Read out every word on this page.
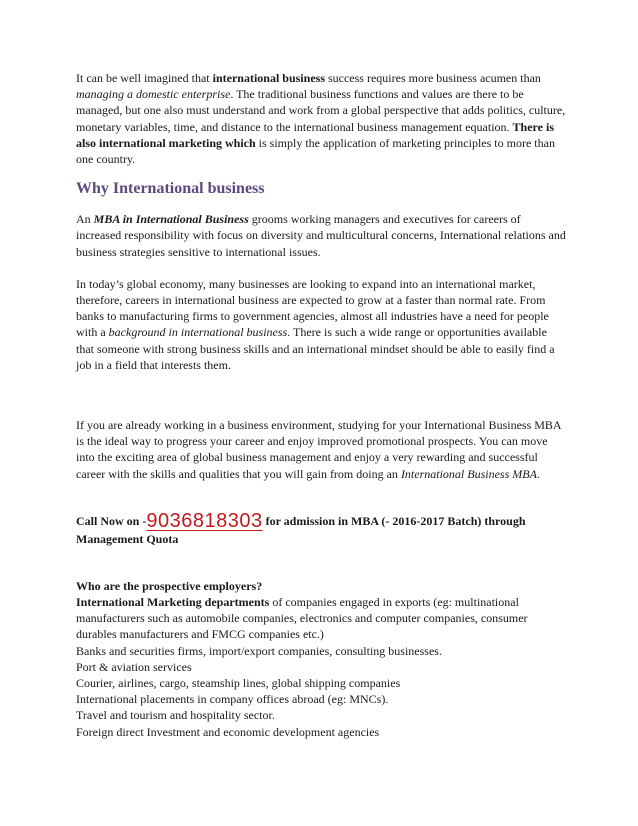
It can be well imagined that international business success requires more business acumen than managing a domestic enterprise. The traditional business functions and values are there to be managed, but one also must understand and work from a global perspective that adds politics, culture, monetary variables, time, and distance to the international business management equation. There is also international marketing which is simply the application of marketing principles to more than one country.

Why International business

An MBA in International Business grooms working managers and executives for careers of increased responsibility with focus on diversity and multicultural concerns, International relations and business strategies sensitive to international issues.

In today’s global economy, many businesses are looking to expand into an international market, therefore, careers in international business are expected to grow at a faster than normal rate. From banks to manufacturing firms to government agencies, almost all industries have a need for people with a background in international business. There is such a wide range or opportunities available that someone with strong business skills and an international mindset should be able to easily find a job in a field that interests them.

If you are already working in a business environment, studying for your International Business MBA is the ideal way to progress your career and enjoy improved promotional prospects. You can move into the exciting area of global business management and enjoy a very rewarding and successful career with the skills and qualities that you will gain from doing an International Business MBA.

Call Now on -9036818303 for admission in MBA (- 2016-2017 Batch) through Management Quota

Who are the prospective employers?
International Marketing departments of companies engaged in exports (eg: multinational manufacturers such as automobile companies, electronics and computer companies, consumer durables manufacturers and FMCG companies etc.)
Banks and securities firms, import/export companies, consulting businesses.
Port & aviation services
Courier, airlines, cargo, steamship lines, global shipping companies
International placements in company offices abroad (eg: MNCs).
Travel and tourism and hospitality sector.
Foreign direct Investment and economic development agencies
